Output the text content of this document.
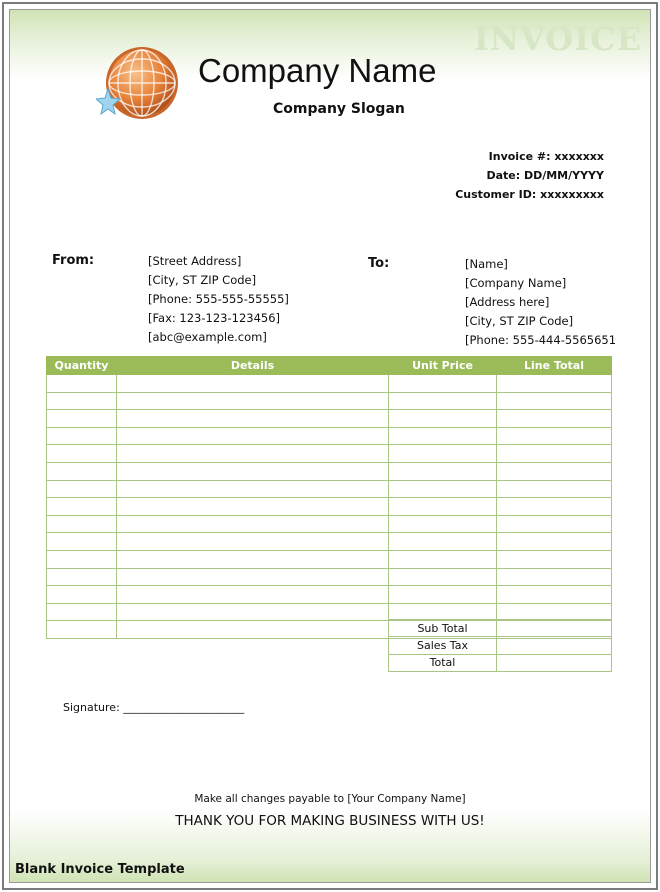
INVOICE
Company Name
Company Slogan
Invoice #: xxxxxxx
Date: DD/MM/YYYY
Customer ID: xxxxxxxxx
From:	[Street Address]
[City, ST ZIP Code]
[Phone: 555-555-55555]
[Fax: 123-123-123456]
[abc@example.com]
To:	[Name]
[Company Name]
[Address here]
[City, ST ZIP Code]
[Phone: 555-444-5565651
Quantity	Details	Unit Price	Line Total

Sub Total	
Sales Tax	
Total	
Signature: ______________________
Make all changes payable to [Your Company Name]
THANK YOU FOR MAKING BUSINESS WITH US!
Blank Invoice Template
